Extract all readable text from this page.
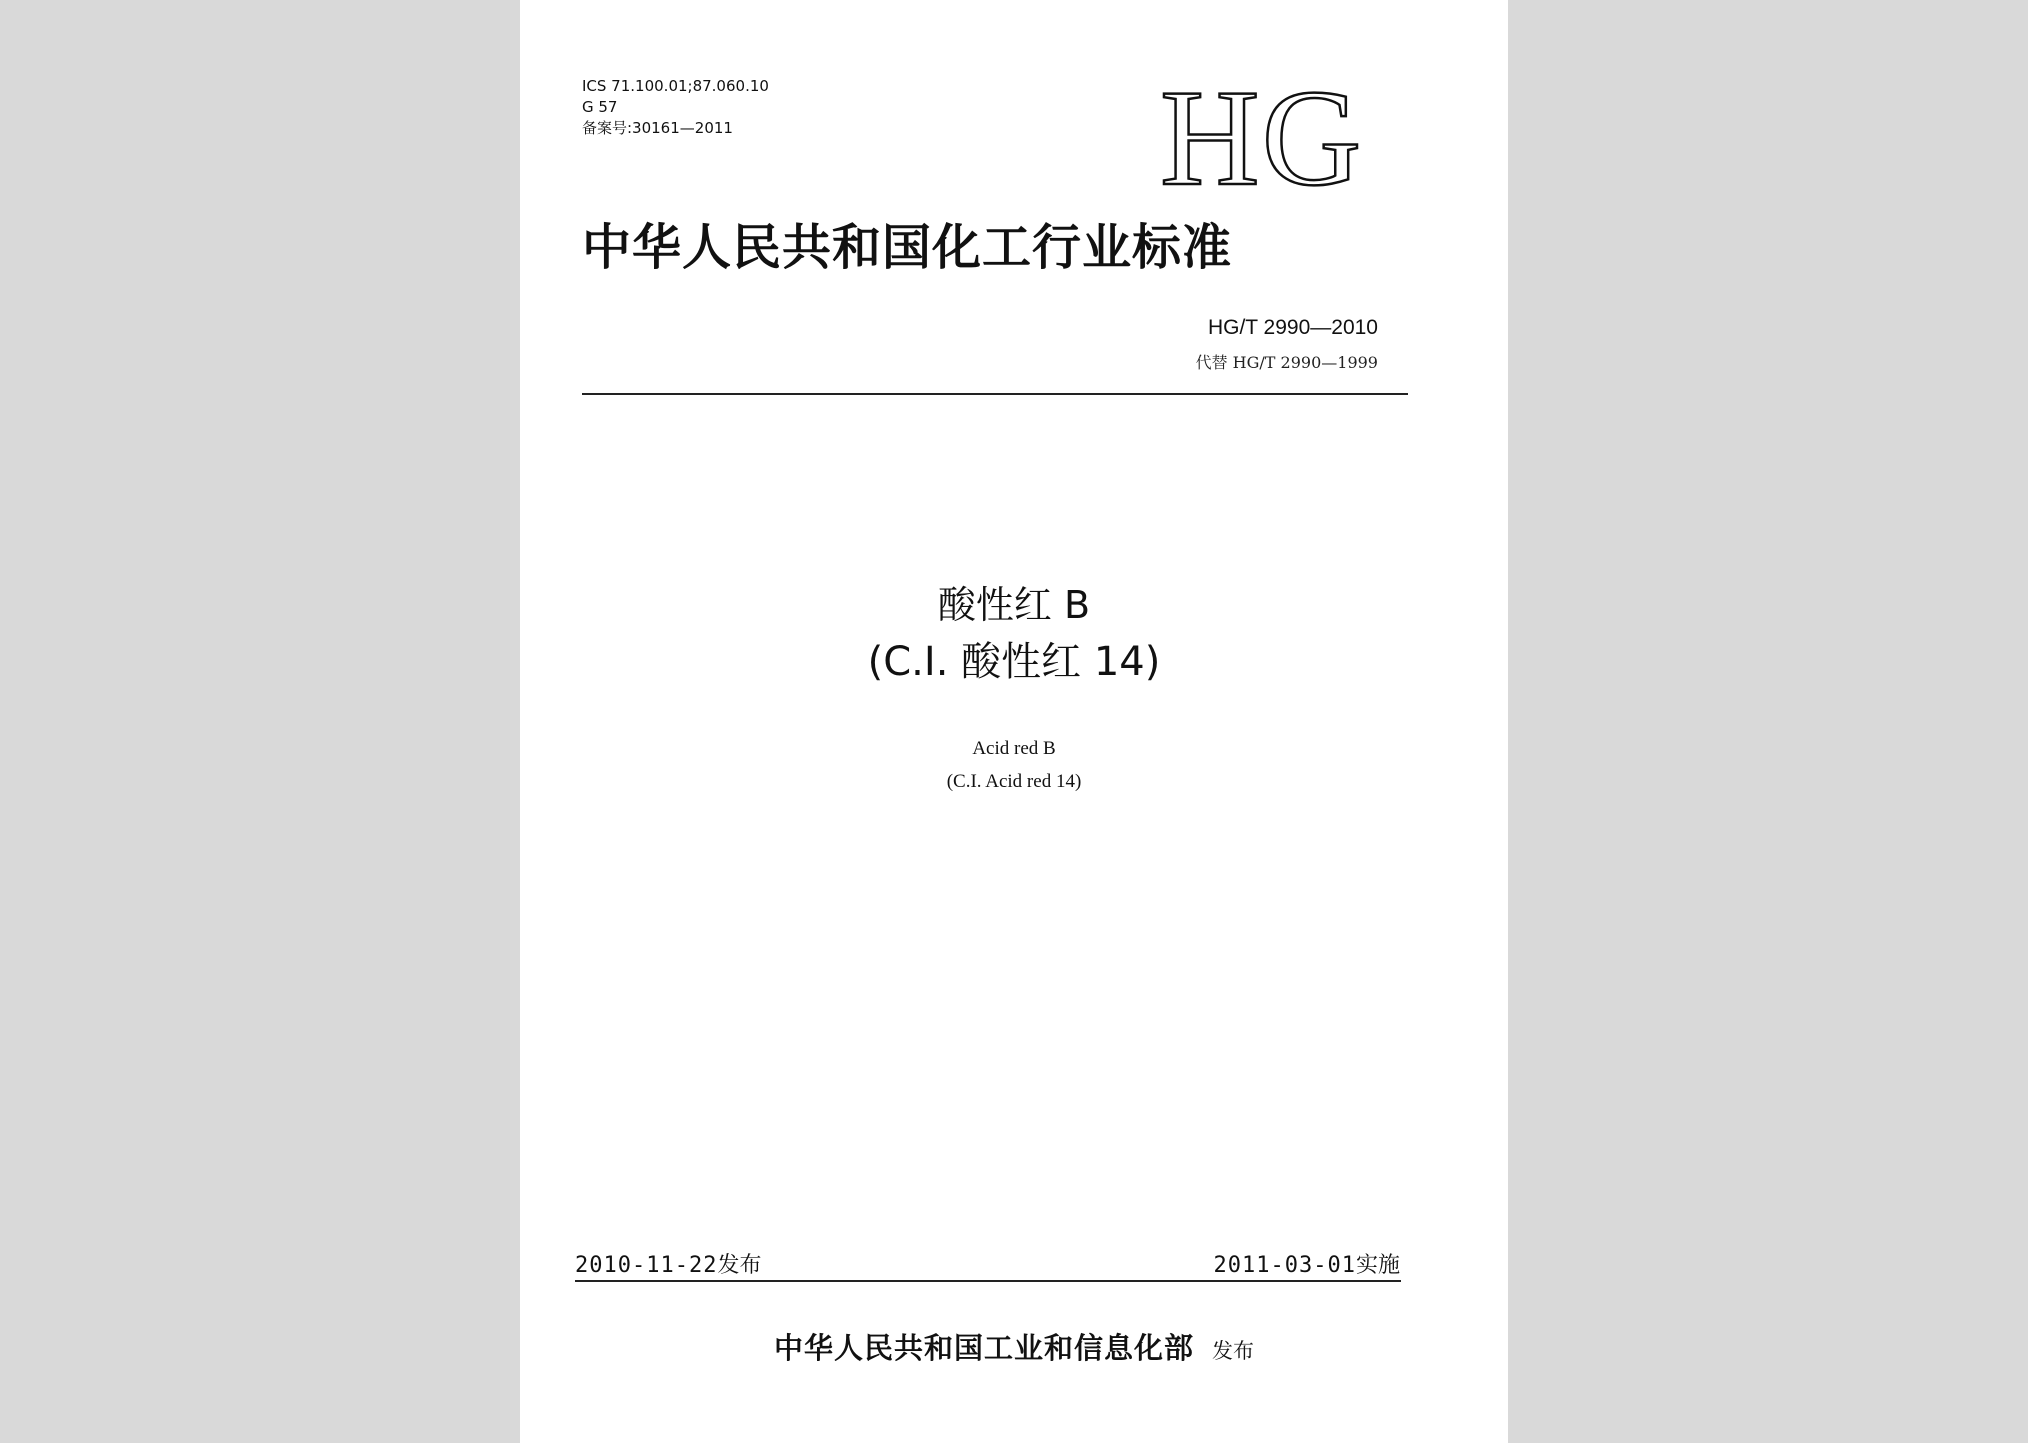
ICS 71.100.01;87.060.10
G 57
备案号:30161—2011	HG
中华人民共和国化工行业标准
HG/T 2990—2010
代替 HG/T 2990—1999
酸性红 B
(C.I. 酸性红 14)
Acid red B
(C.I. Acid red 14)
2010-11-22发布	2011-03-01实施
中华人民共和国工业和信息化部 发布
